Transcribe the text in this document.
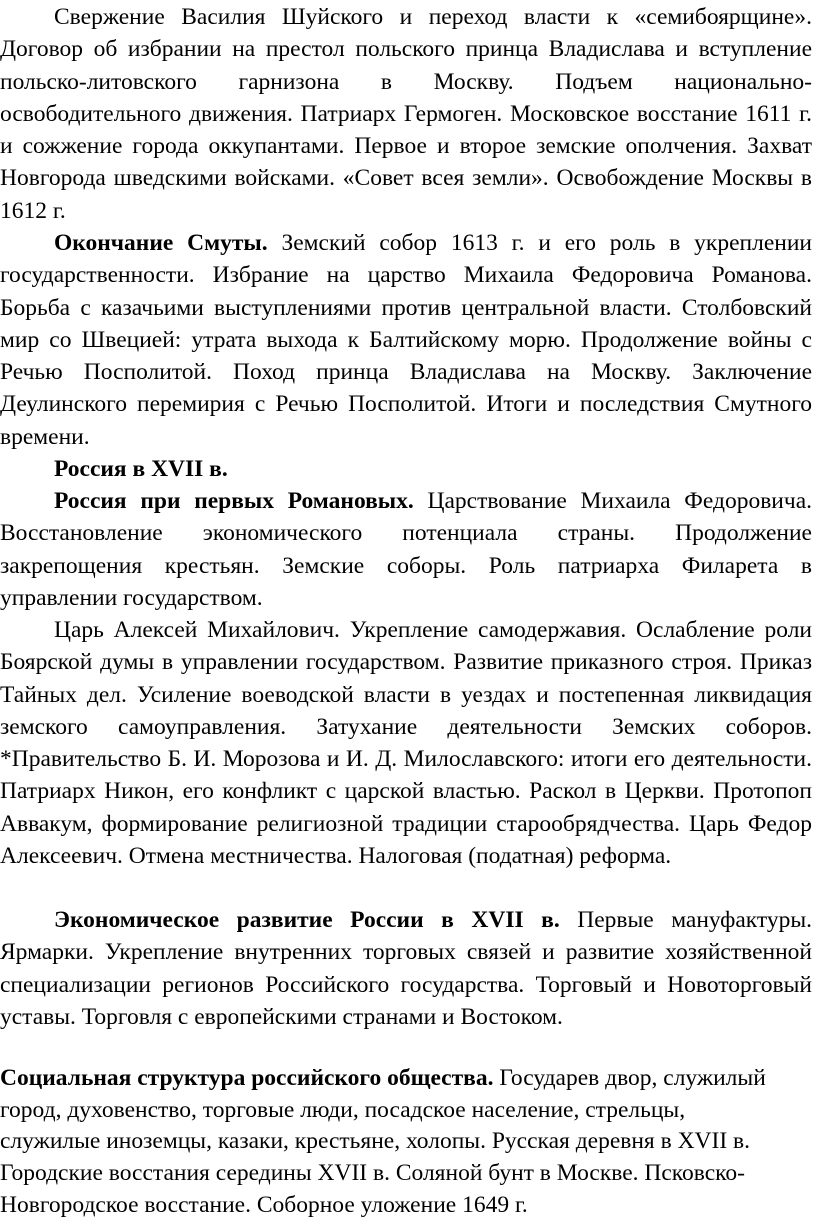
Свержение Василия Шуйского и переход власти к «семибоярщине». Договор об избрании на престол польского принца Владислава и вступление польско-литовского гарнизона в Москву. Подъем национально-освободительного движения. Патриарх Гермоген. Московское восстание 1611 г. и сожжение города оккупантами. Первое и второе земские ополчения. Захват Новгорода шведскими войсками. «Совет всея земли». Освобождение Москвы в 1612 г.

Окончание Смуты. Земский собор 1613 г. и его роль в укреплении государственности. Избрание на царство Михаила Федоровича Романова. Борьба с казачьими выступлениями против центральной власти. Столбовский мир со Швецией: утрата выхода к Балтийскому морю. Продолжение войны с Речью Посполитой. Поход принца Владислава на Москву. Заключение Деулинского перемирия с Речью Посполитой. Итоги и последствия Смутного времени.

Россия в XVII в.

Россия при первых Романовых. Царствование Михаила Федоровича. Восстановление экономического потенциала страны. Продолжение закрепощения крестьян. Земские соборы. Роль патриарха Филарета в управлении государством.

Царь Алексей Михайлович. Укрепление самодержавия. Ослабление роли Боярской думы в управлении государством. Развитие приказного строя. Приказ Тайных дел. Усиление воеводской власти в уездах и постепенная ликвидация земского самоуправления. Затухание деятельности Земских соборов. *Правительство Б. И. Морозова и И. Д. Милославского: итоги его деятельности. Патриарх Никон, его конфликт с царской властью. Раскол в Церкви. Протопоп Аввакум, формирование религиозной традиции старообрядчества. Царь Федор Алексеевич. Отмена местничества. Налоговая (податная) реформа.

Экономическое развитие России в XVII в. Первые мануфактуры. Ярмарки. Укрепление внутренних торговых связей и развитие хозяйственной специализации регионов Российского государства. Торговый и Новоторговый уставы. Торговля с европейскими странами и Востоком.

Социальная структура российского общества. Государев двор, служилый город, духовенство, торговые люди, посадское население, стрельцы, служилые иноземцы, казаки, крестьяне, холопы. Русская деревня в XVII в. Городские восстания середины XVII в. Соляной бунт в Москве. Псковско-Новгородское восстание. Соборное уложение 1649 г.
